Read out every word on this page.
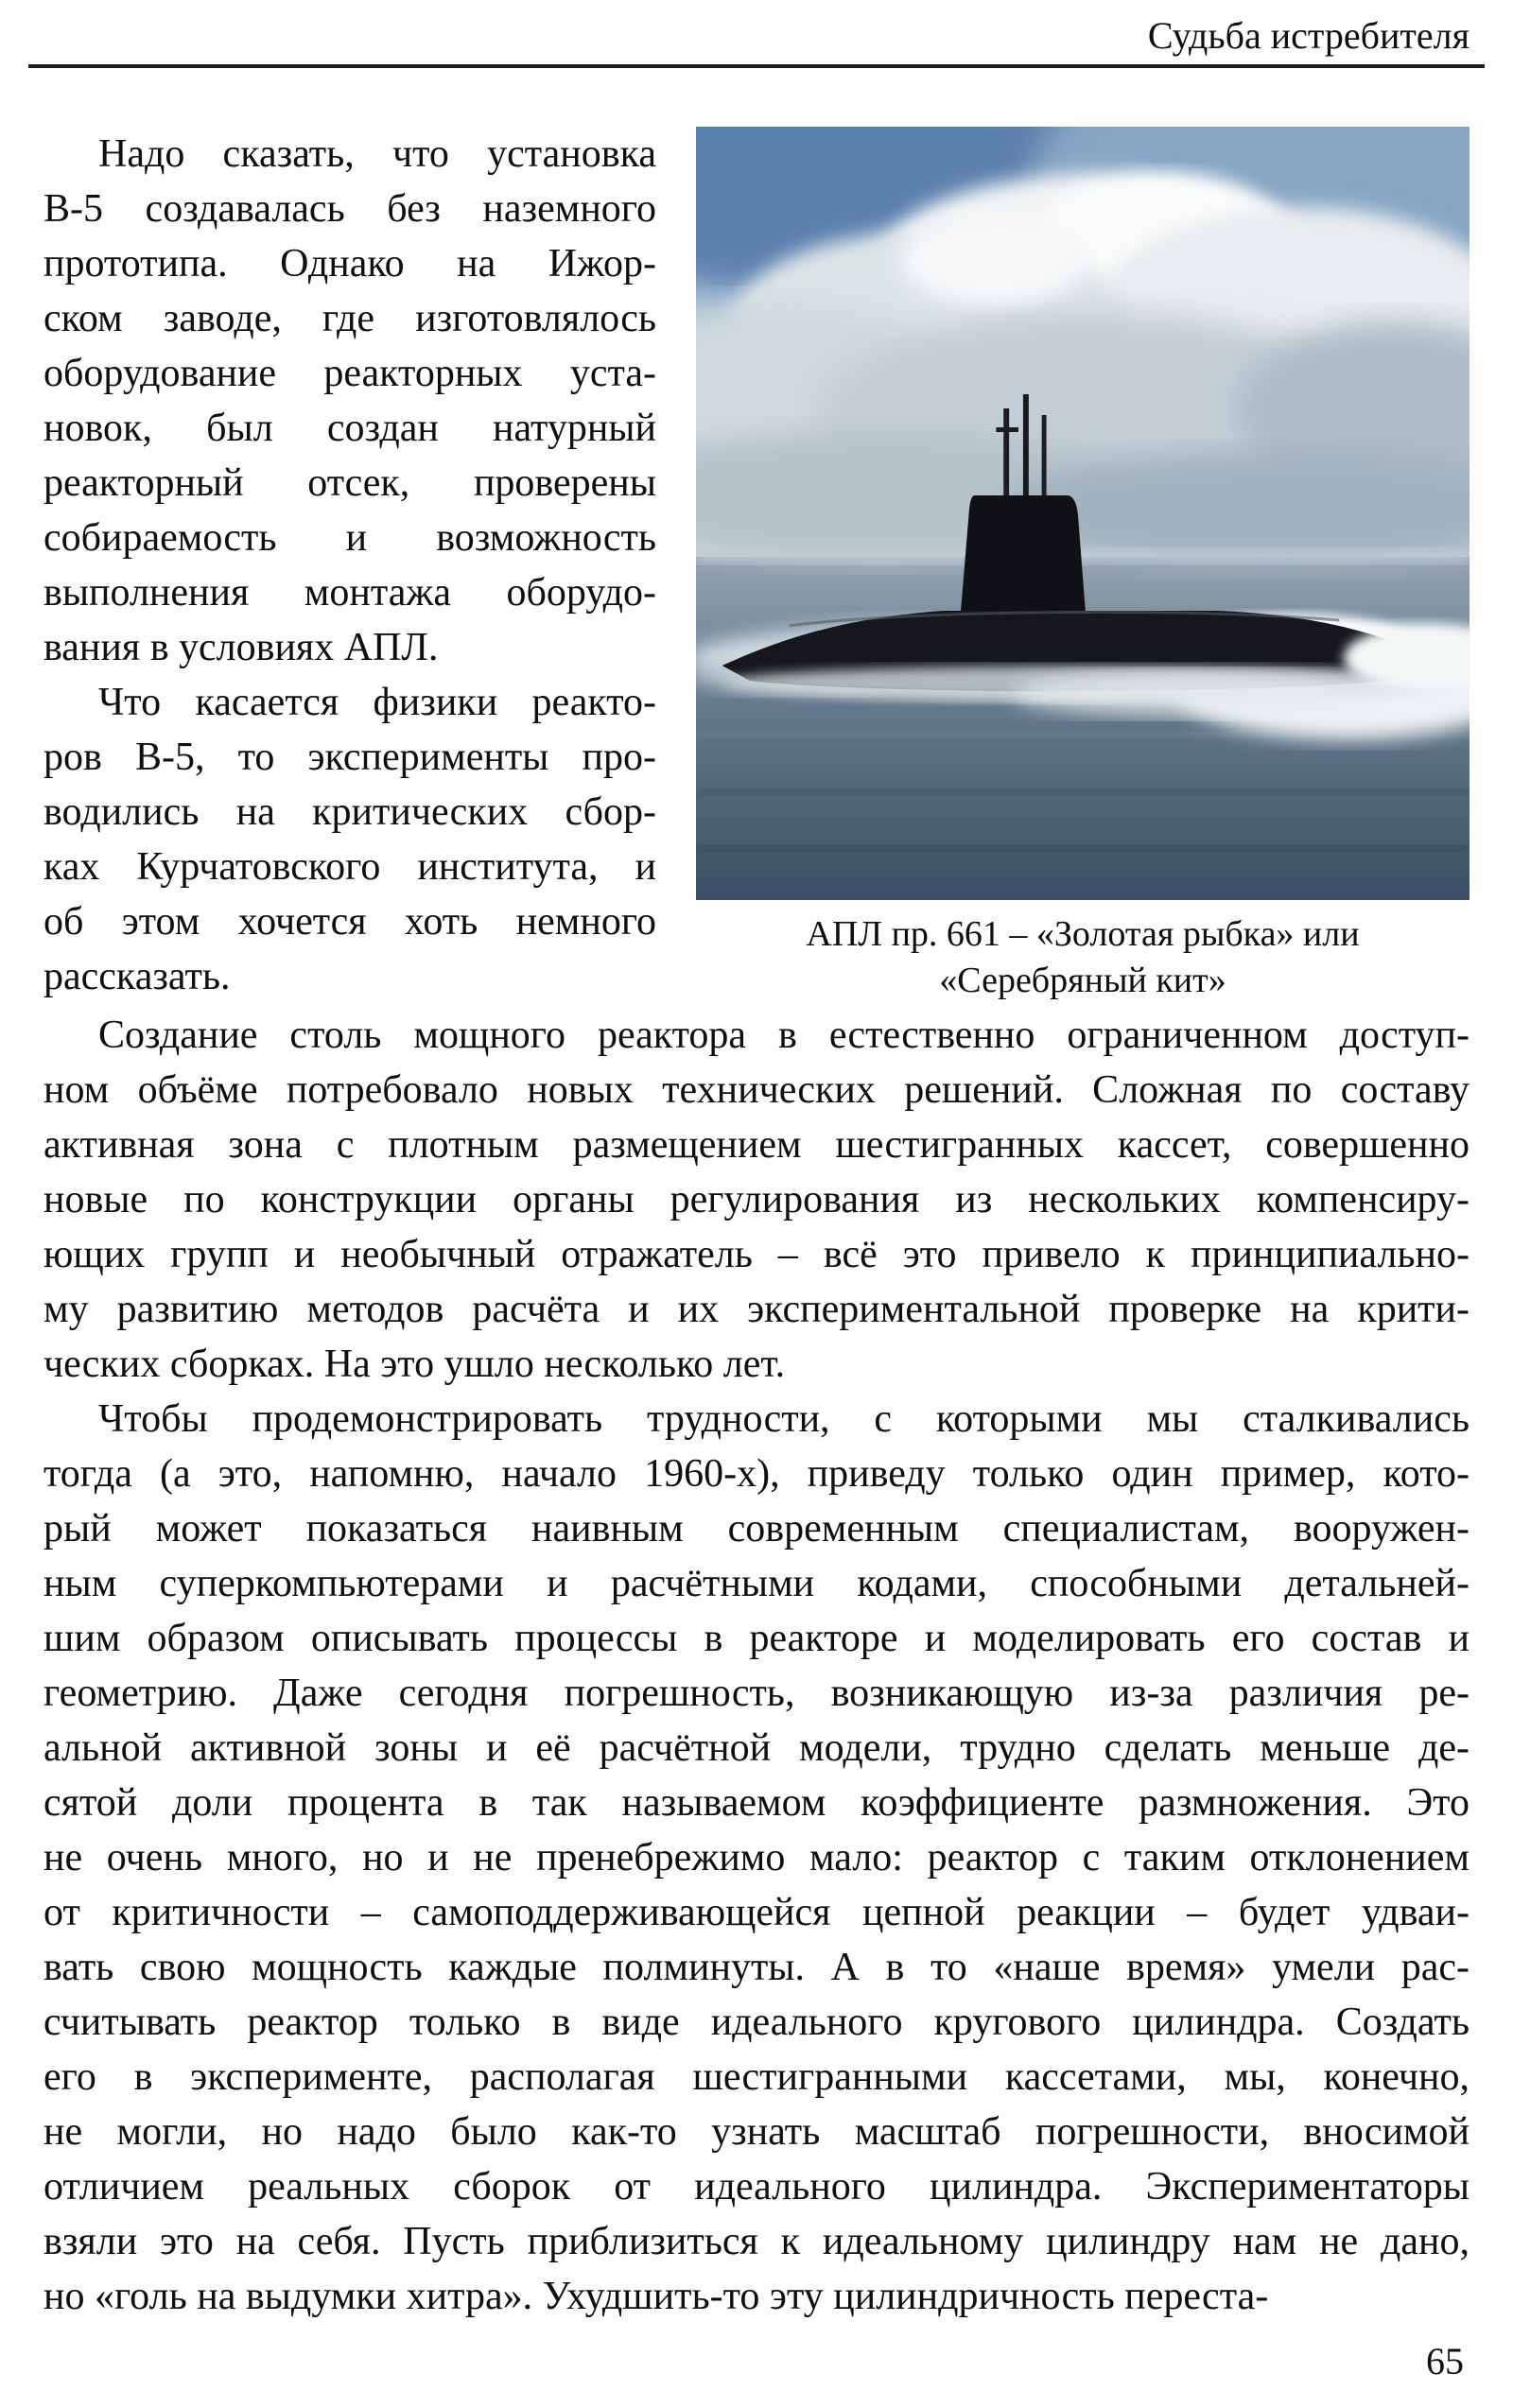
Судьба истребителя
Надо сказать, что установка
В-5 создавалась без наземного
прототипа. Однако на Ижор-
ском заводе, где изготовлялось
оборудование реакторных уста-
новок, был создан натурный
реакторный отсек, проверены
собираемость и возможность
выполнения монтажа оборудо-
вания в условиях АПЛ.
Что касается физики реакто-
ров В-5, то эксперименты про-
водились на критических сбор-
ках Курчатовского института, и
об этом хочется хоть немного
рассказать.
АПЛ пр. 661 – «Золотая рыбка» или
«Серебряный кит»
Создание столь мощного реактора в естественно ограниченном доступ-
ном объёме потребовало новых технических решений. Сложная по составу
активная зона с плотным размещением шестигранных кассет, совершенно
новые по конструкции органы регулирования из нескольких компенсиру-
ющих групп и необычный отражатель – всё это привело к принципиально-
му развитию методов расчёта и их экспериментальной проверке на крити-
ческих сборках. На это ушло несколько лет.
Чтобы продемонстрировать трудности, с которыми мы сталкивались
тогда (а это, напомню, начало 1960-х), приведу только один пример, кото-
рый может показаться наивным современным специалистам, вооружен-
ным суперкомпьютерами и расчётными кодами, способными детальней-
шим образом описывать процессы в реакторе и моделировать его состав и
геометрию. Даже сегодня погрешность, возникающую из-за различия ре-
альной активной зоны и её расчётной модели, трудно сделать меньше де-
сятой доли процента в так называемом коэффициенте размножения. Это
не очень много, но и не пренебрежимо мало: реактор с таким отклонением
от критичности – самоподдерживающейся цепной реакции – будет удваи-
вать свою мощность каждые полминуты. А в то «наше время» умели рас-
считывать реактор только в виде идеального кругового цилиндра. Создать
его в эксперименте, располагая шестигранными кассетами, мы, конечно,
не могли, но надо было как-то узнать масштаб погрешности, вносимой
отличием реальных сборок от идеального цилиндра. Экспериментаторы
взяли это на себя. Пусть приблизиться к идеальному цилиндру нам не дано,
но «голь на выдумки хитра». Ухудшить-то эту цилиндричность переста-
65
